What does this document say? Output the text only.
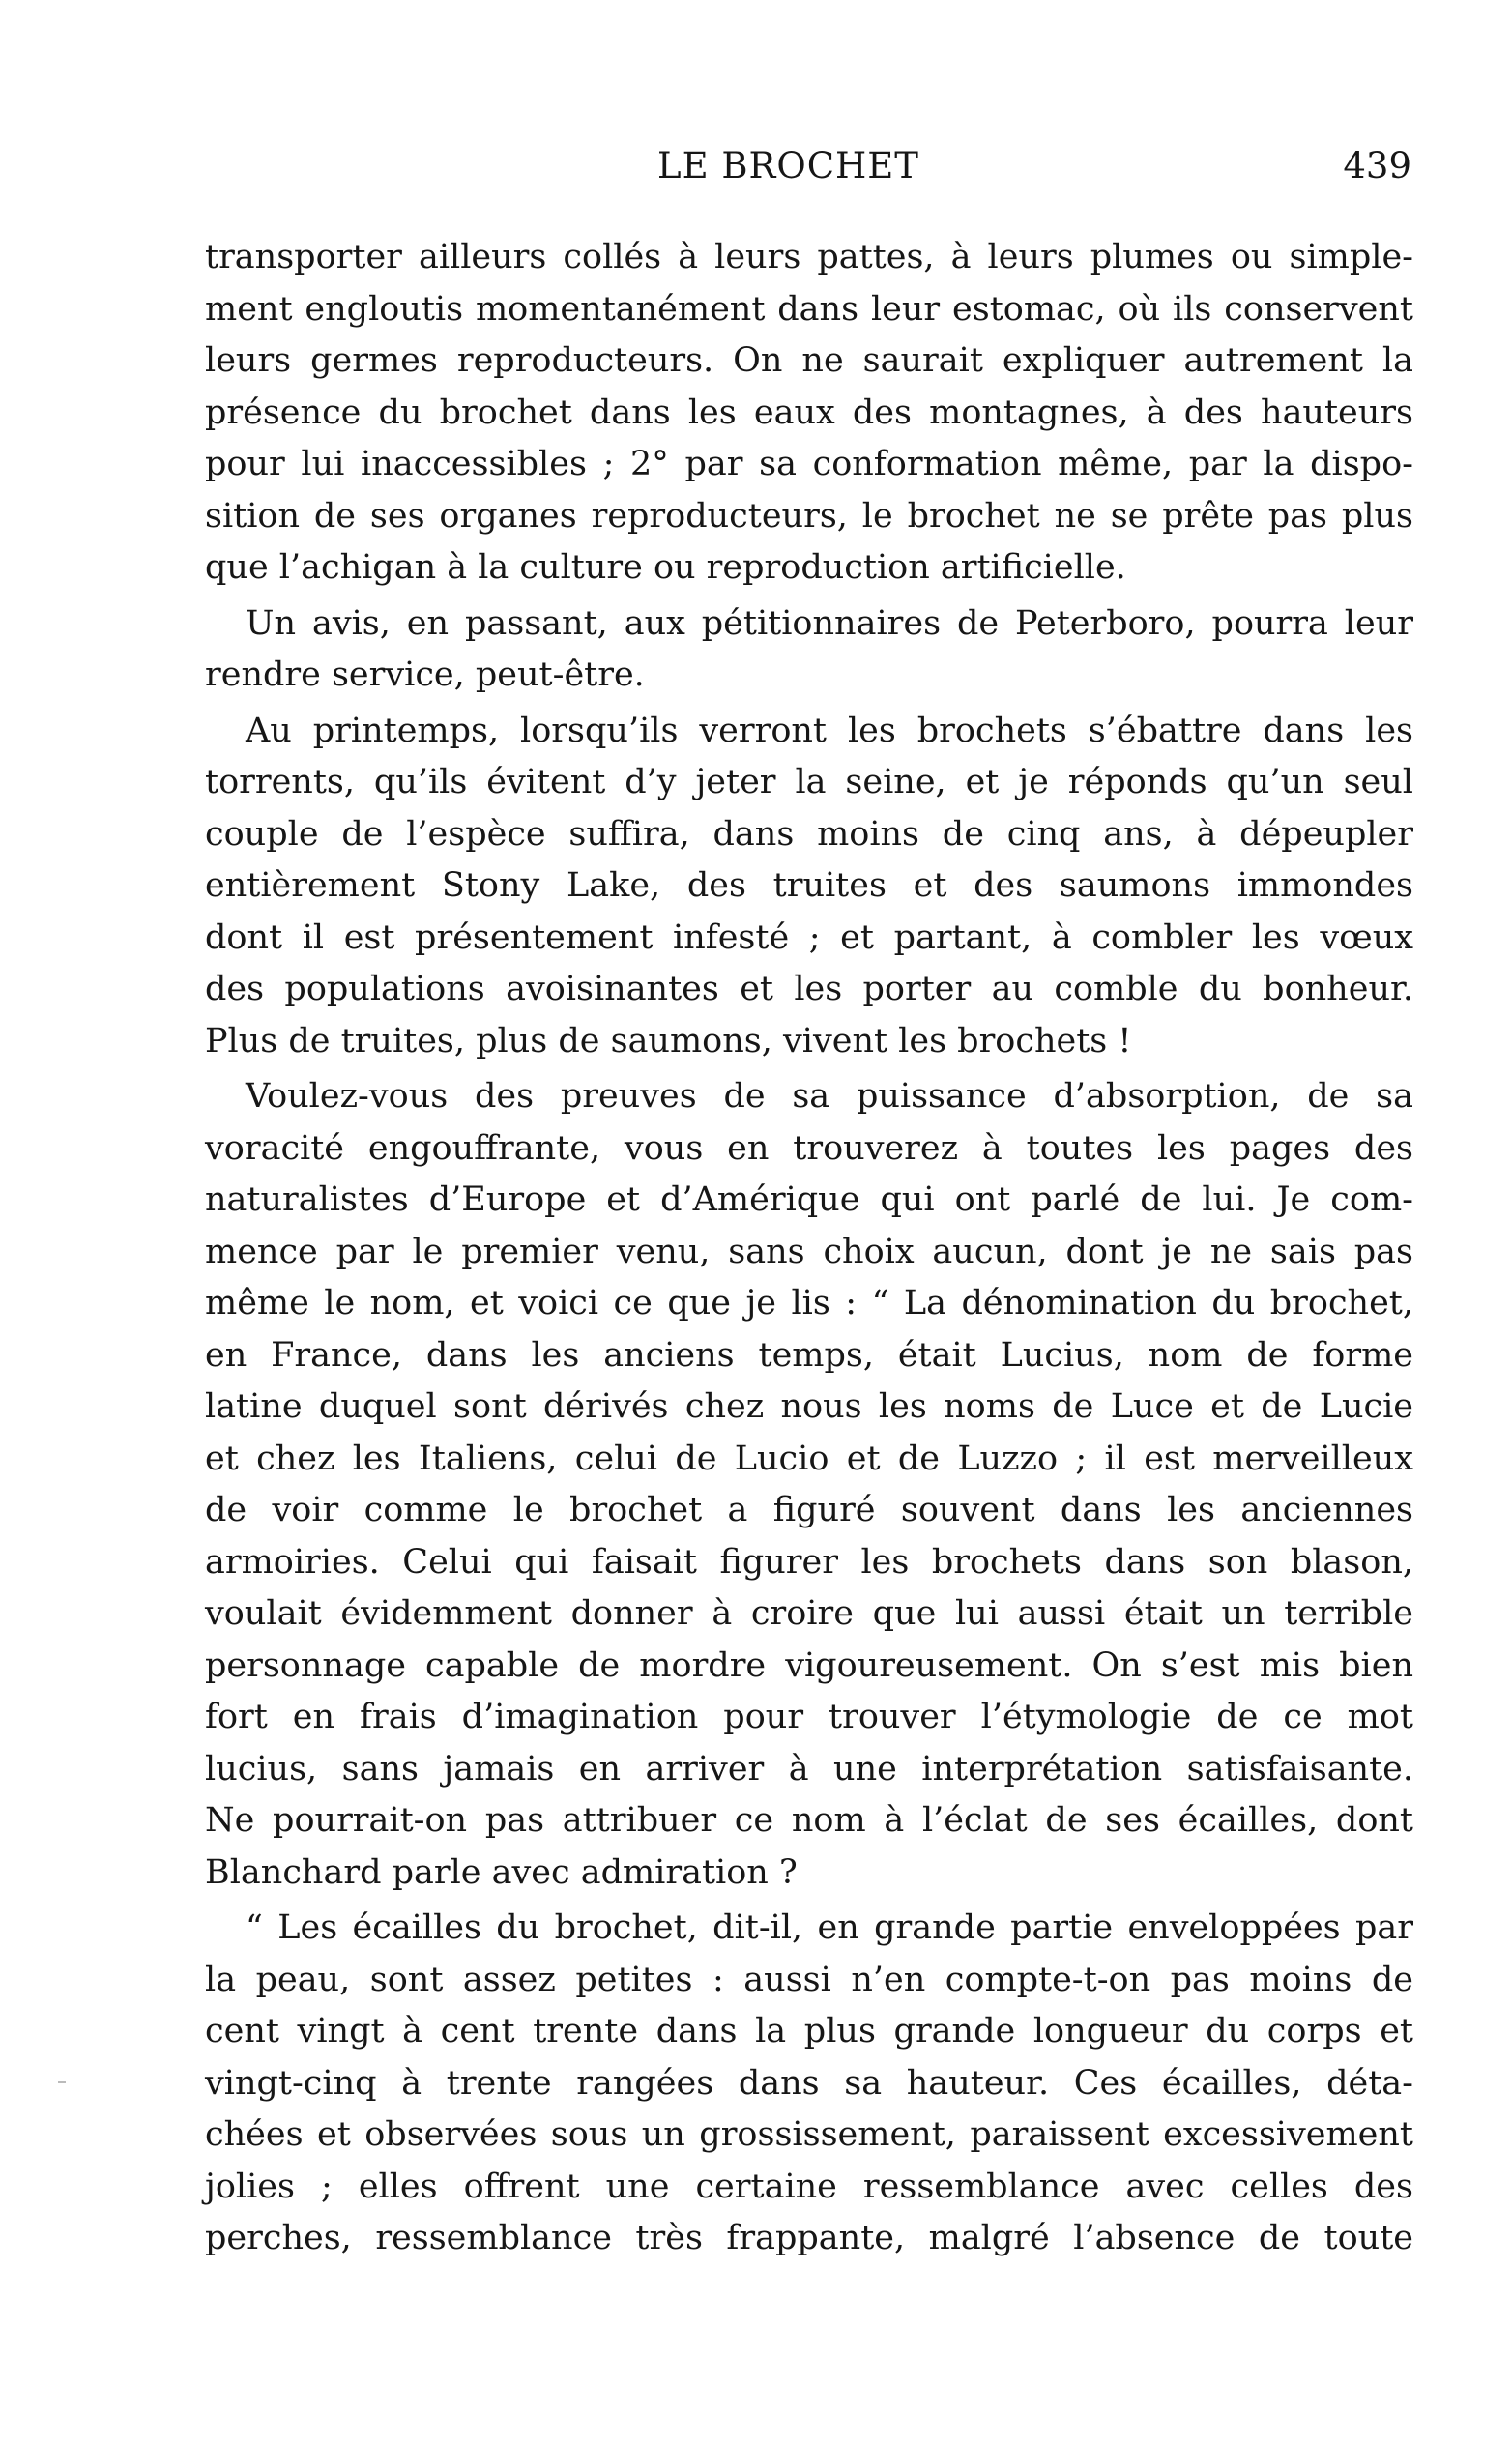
LE BROCHET	439
transporter ailleurs collés à leurs pattes, à leurs plumes ou simple-
ment engloutis momentanément dans leur estomac, où ils conservent
leurs germes reproducteurs. On ne saurait expliquer autrement la
présence du brochet dans les eaux des montagnes, à des hauteurs
pour lui inaccessibles ; 2° par sa conformation même, par la dispo-
sition de ses organes reproducteurs, le brochet ne se prête pas plus
que l’achigan à la culture ou reproduction artificielle.
Un avis, en passant, aux pétitionnaires de Peterboro, pourra leur
rendre service, peut-être.
Au printemps, lorsqu’ils verront les brochets s’ébattre dans les
torrents, qu’ils évitent d’y jeter la seine, et je réponds qu’un seul
couple de l’espèce suffira, dans moins de cinq ans, à dépeupler
entièrement Stony Lake, des truites et des saumons immondes
dont il est présentement infesté ; et partant, à combler les vœux
des populations avoisinantes et les porter au comble du bonheur.
Plus de truites, plus de saumons, vivent les brochets !
Voulez-vous des preuves de sa puissance d’absorption, de sa
voracité engouffrante, vous en trouverez à toutes les pages des
naturalistes d’Europe et d’Amérique qui ont parlé de lui. Je com-
mence par le premier venu, sans choix aucun, dont je ne sais pas
même le nom, et voici ce que je lis : “ La dénomination du brochet,
en France, dans les anciens temps, était Lucius, nom de forme
latine duquel sont dérivés chez nous les noms de Luce et de Lucie
et chez les Italiens, celui de Lucio et de Luzzo ; il est merveilleux
de voir comme le brochet a figuré souvent dans les anciennes
armoiries. Celui qui faisait figurer les brochets dans son blason,
voulait évidemment donner à croire que lui aussi était un terrible
personnage capable de mordre vigoureusement. On s’est mis bien
fort en frais d’imagination pour trouver l’étymologie de ce mot
lucius, sans jamais en arriver à une interprétation satisfaisante.
Ne pourrait-on pas attribuer ce nom à l’éclat de ses écailles, dont
Blanchard parle avec admiration ?
“ Les écailles du brochet, dit-il, en grande partie enveloppées par
la peau, sont assez petites : aussi n’en compte-t-on pas moins de
cent vingt à cent trente dans la plus grande longueur du corps et
vingt-cinq à trente rangées dans sa hauteur. Ces écailles, déta-
chées et observées sous un grossissement, paraissent excessivement
jolies ; elles offrent une certaine ressemblance avec celles des
perches, ressemblance très frappante, malgré l’absence de toute
